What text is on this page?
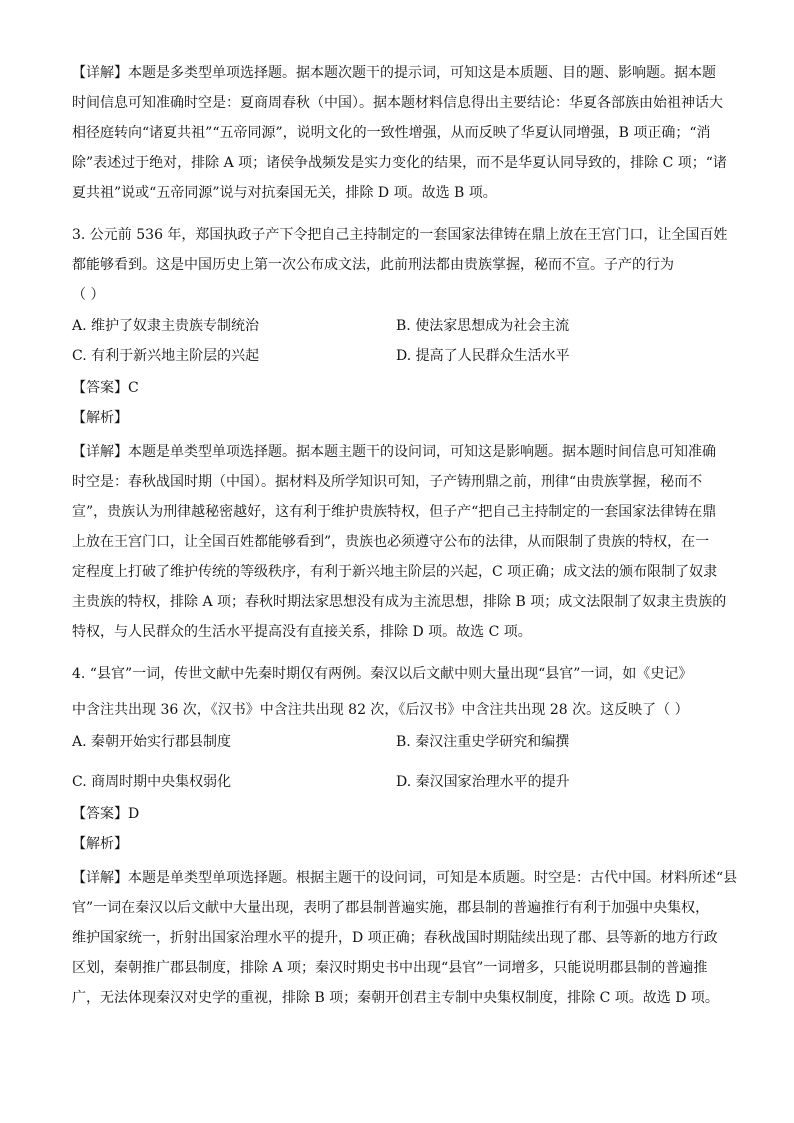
【详解】本题是多类型单项选择题。据本题次题干的提示词，可知这是本质题、目的题、影响题。据本题

时间信息可知准确时空是：夏商周春秋（中国）。据本题材料信息得出主要结论：华夏各部族由始祖神话大

相径庭转向“诸夏共祖”“五帝同源”，说明文化的一致性增强，从而反映了华夏认同增强，B 项正确；“消

除”表述过于绝对，排除 A 项；诸侯争战频发是实力变化的结果，而不是华夏认同导致的，排除 C 项；“诸

夏共祖”说或“五帝同源”说与对抗秦国无关，排除 D 项。故选 B 项。

3. 公元前 536 年，郑国执政子产下令把自己主持制定的一套国家法律铸在鼎上放在王宫门口，让全国百姓

都能够看到。这是中国历史上第一次公布成文法，此前刑法都由贵族掌握，秘而不宣。子产的行为

（ ）

A. 维护了奴隶主贵族专制统治	B. 使法家思想成为社会主流
C. 有利于新兴地主阶层的兴起	D. 提高了人民群众生活水平

【答案】C

【解析】

【详解】本题是单类型单项选择题。据本题主题干的设问词，可知这是影响题。据本题时间信息可知准确

时空是：春秋战国时期（中国）。据材料及所学知识可知，子产铸刑鼎之前，刑律“由贵族掌握，秘而不

宣”，贵族认为刑律越秘密越好，这有利于维护贵族特权，但子产“把自己主持制定的一套国家法律铸在鼎

上放在王宫门口，让全国百姓都能够看到”，贵族也必须遵守公布的法律，从而限制了贵族的特权，在一

定程度上打破了维护传统的等级秩序，有利于新兴地主阶层的兴起，C 项正确；成文法的颁布限制了奴隶

主贵族的特权，排除 A 项；春秋时期法家思想没有成为主流思想，排除 B 项；成文法限制了奴隶主贵族的

特权，与人民群众的生活水平提高没有直接关系，排除 D 项。故选 C 项。

4. “县官”一词，传世文献中先秦时期仅有两例。秦汉以后文献中则大量出现“县官”一词，如《史记》

中含注共出现 36 次，《汉书》中含注共出现 82 次，《后汉书》中含注共出现 28 次。这反映了（ ）

A. 秦朝开始实行郡县制度	B. 秦汉注重史学研究和编撰
C. 商周时期中央集权弱化	D. 秦汉国家治理水平的提升

【答案】D

【解析】

【详解】本题是单类型单项选择题。根据主题干的设问词，可知是本质题。时空是：古代中国。材料所述“县

官”一词在秦汉以后文献中大量出现，表明了郡县制普遍实施，郡县制的普遍推行有利于加强中央集权，

维护国家统一，折射出国家治理水平的提升，D 项正确；春秋战国时期陆续出现了郡、县等新的地方行政

区划，秦朝推广郡县制度，排除 A 项；秦汉时期史书中出现“县官”一词增多，只能说明郡县制的普遍推

广，无法体现秦汉对史学的重视，排除 B 项；秦朝开创君主专制中央集权制度，排除 C 项。故选 D 项。
